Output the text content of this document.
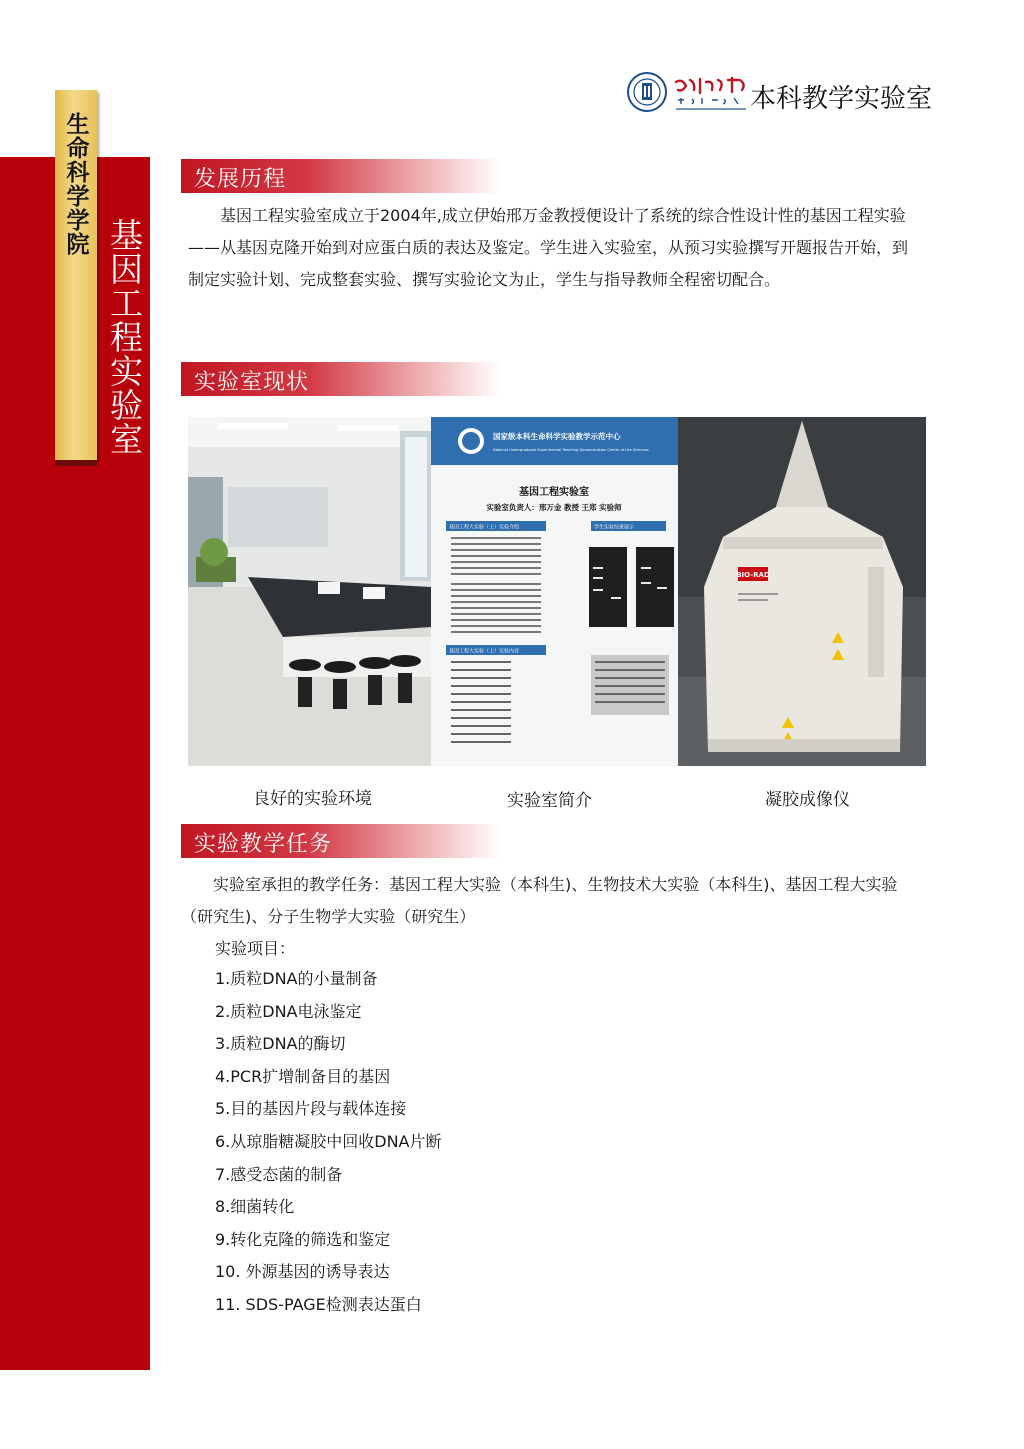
生命科学学院
基因工程实验室
本科教学实验室
发展历程

基因工程实验室成立于2004年,成立伊始邢万金教授便设计了系统的综合性设计性的基因工程实验——从基因克隆开始到对应蛋白质的表达及鉴定。学生进入实验室，从预习实验撰写开题报告开始，到制定实验计划、完成整套实验、撰写实验论文为止，学生与指导教师全程密切配合。

实验室现状
国家级本科生命科学实验教学示范中心
National Undergraduate Experimental Teaching Demonstration Center of Life Sciences
基因工程实验室
实验室负责人：邢万金 教授 王郑 实验师
基因工程大实验（上）实验介绍	学生实验结果展示
基因工程大实验（上）实验内容
BIO-RAD
良好的实验环境	实验室简介	凝胶成像仪
实验教学任务

实验室承担的教学任务：基因工程大实验（本科生)、生物技术大实验（本科生)、基因工程大实验（研究生)、分子生物学大实验（研究生）

实验项目：
1.质粒DNA的小量制备
2.质粒DNA电泳鉴定
3.质粒DNA的酶切
4.PCR扩增制备目的基因
5.目的基因片段与载体连接
6.从琼脂糖凝胶中回收DNA片断
7.感受态菌的制备
8.细菌转化
9.转化克隆的筛选和鉴定
10. 外源基因的诱导表达
11. SDS-PAGE检测表达蛋白
